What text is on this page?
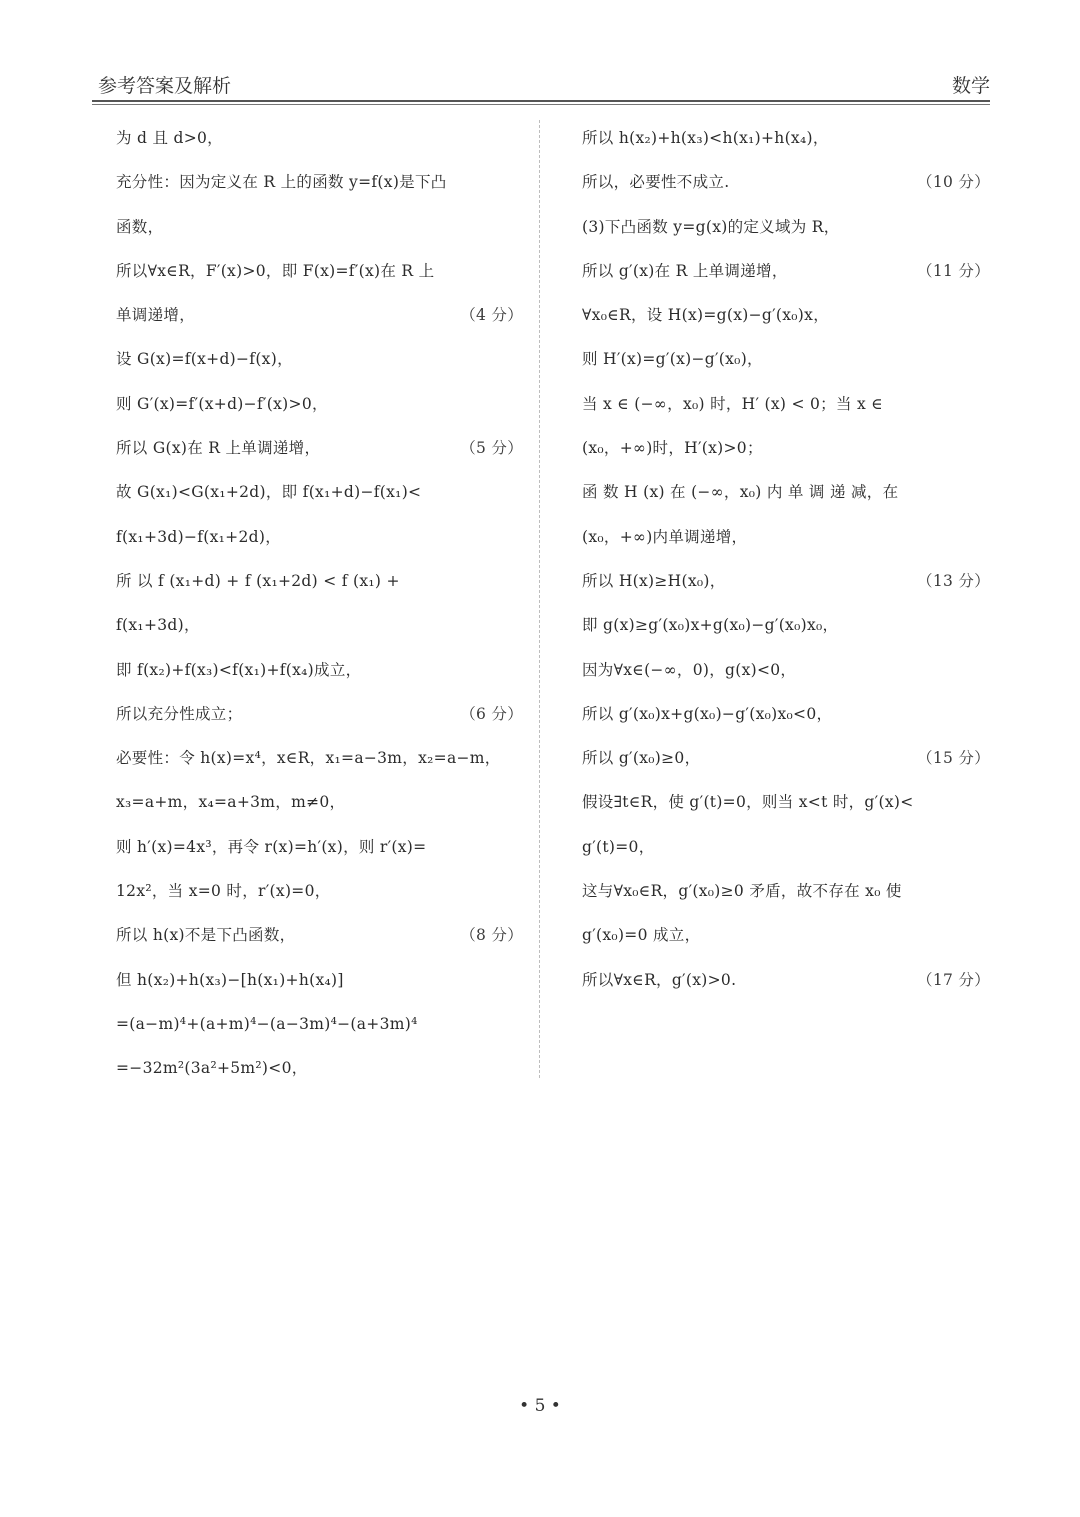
参考答案及解析	数学
为 d 且 d>0，
充分性：因为定义在 R 上的函数 y=f(x)是下凸
函数，
所以∀x∈R，F′(x)>0，即 F(x)=f′(x)在 R 上
单调递增，	（4 分）
设 G(x)=f(x+d)−f(x)，
则 G′(x)=f′(x+d)−f′(x)>0，
所以 G(x)在 R 上单调递增，	（5 分）
故 G(x₁)<G(x₁+2d)，即 f(x₁+d)−f(x₁)<
f(x₁+3d)−f(x₁+2d)，
所 以 f (x₁+d) + f (x₁+2d) < f (x₁) +
f(x₁+3d)，
即 f(x₂)+f(x₃)<f(x₁)+f(x₄)成立，
所以充分性成立；	（6 分）
必要性：令 h(x)=x⁴，x∈R，x₁=a−3m，x₂=a−m，
x₃=a+m，x₄=a+3m，m≠0，
则 h′(x)=4x³，再令 r(x)=h′(x)，则 r′(x)=
12x²，当 x=0 时，r′(x)=0，
所以 h(x)不是下凸函数，	（8 分）
但 h(x₂)+h(x₃)−[h(x₁)+h(x₄)]
=(a−m)⁴+(a+m)⁴−(a−3m)⁴−(a+3m)⁴
=−32m²(3a²+5m²)<0，
所以 h(x₂)+h(x₃)<h(x₁)+h(x₄)，
所以，必要性不成立.	（10 分）
(3)下凸函数 y=g(x)的定义域为 R，
所以 g′(x)在 R 上单调递增，	（11 分）
∀x₀∈R，设 H(x)=g(x)−g′(x₀)x，
则 H′(x)=g′(x)−g′(x₀)，
当 x ∈ (−∞，x₀) 时，H′ (x) < 0；当 x ∈
(x₀，+∞)时，H′(x)>0；
函 数 H (x) 在 (−∞，x₀) 内 单 调 递 减，在
(x₀，+∞)内单调递增，
所以 H(x)≥H(x₀)，	（13 分）
即 g(x)≥g′(x₀)x+g(x₀)−g′(x₀)x₀，
因为∀x∈(−∞，0)，g(x)<0，
所以 g′(x₀)x+g(x₀)−g′(x₀)x₀<0，
所以 g′(x₀)≥0，	（15 分）
假设∃t∈R，使 g′(t)=0，则当 x<t 时，g′(x)<
g′(t)=0，
这与∀x₀∈R，g′(x₀)≥0 矛盾，故不存在 x₀ 使
g′(x₀)=0 成立，
所以∀x∈R，g′(x)>0.	（17 分）
• 5 •
